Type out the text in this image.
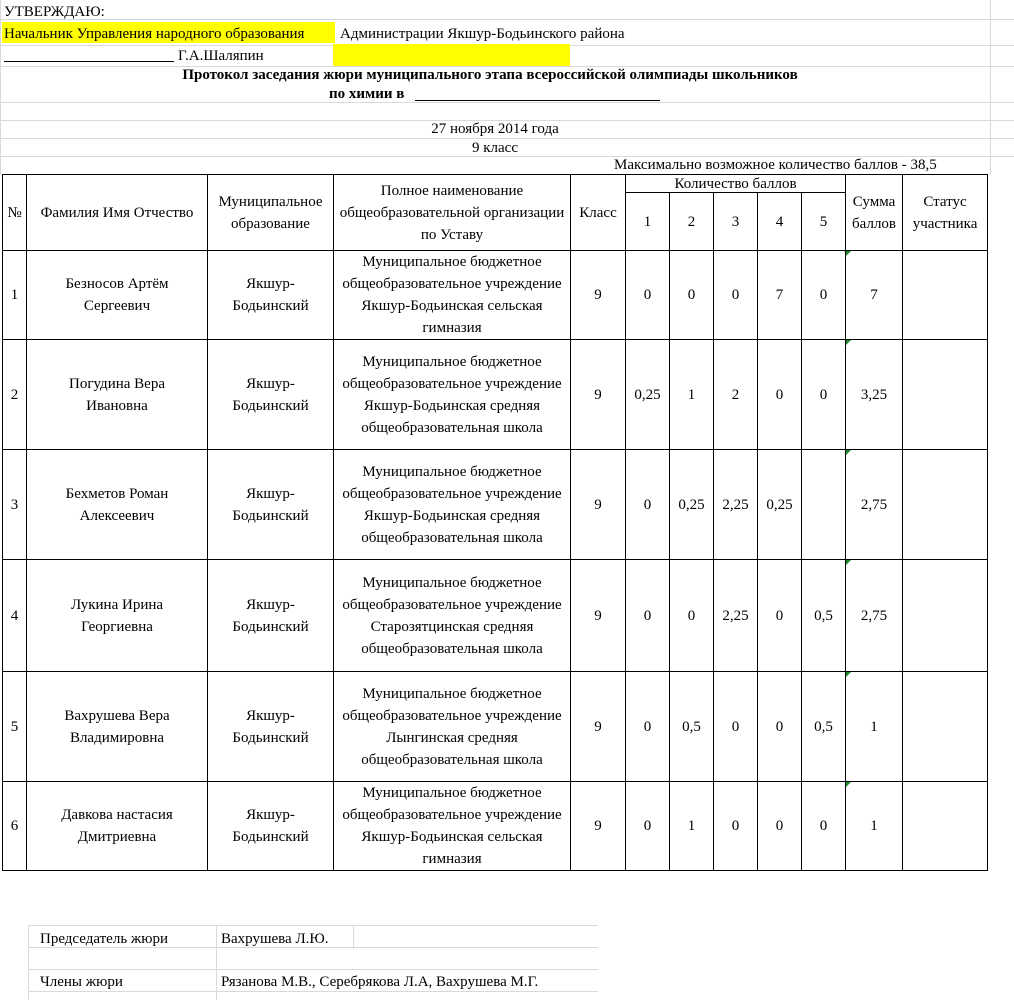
УТВЕРЖДАЮ:
Начальник Управления народного образования Администрации Якшур-Бодьинского района
Г.А.Шаляпин
Протокол заседания жюри муниципального этапа всероссийской олимпиады школьников
по химии в
27 ноября 2014 года
9 класс
Максимально возможное количество баллов - 38,5
№	Фамилия Имя Отчество	Муниципальное образование	Полное наименование общеобразовательной организации по Уставу	Класс	Количество баллов					Сумма баллов	Статус участника
					1	2	3	4	5		
1	Безносов Артём Сергеевич	Якшур-Бодьинский	Муниципальное бюджетное общеобразовательное учреждение Якшур-Бодьинская сельская гимназия	9	0	0	0	7	0	7

2	Погудина Вера Ивановна	Якшур-Бодьинский	Муниципальное бюджетное общеобразовательное учреждение Якшур-Бодьинская средняя общеобразовательная школа	9	0,25	1	2	0	0	3,25

3	Бехметов Роман Алексеевич	Якшур-Бодьинский	Муниципальное бюджетное общеобразовательное учреждение Якшур-Бодьинская средняя общеобразовательная школа	9	0	0,25	2,25	0,25		2,75

4	Лукина Ирина Георгиевна	Якшур-Бодьинский	Муниципальное бюджетное общеобразовательное учреждение Старозятцинская средняя общеобразовательная школа	9	0	0	2,25	0	0,5	2,75

5	Вахрушева Вера Владимировна	Якшур-Бодьинский	Муниципальное бюджетное общеобразовательное учреждение Лынгинская средняя общеобразовательная школа	9	0	0,5	0	0	0,5	1

6	Давкова настасия Дмитриевна	Якшур-Бодьинский	Муниципальное бюджетное общеобразовательное учреждение Якшур-Бодьинская сельская гимназия	9	0	1	0	0	0	1

Председатель жюри	Вахрушева Л.Ю.
Члены жюри	Рязанова М.В., Серебрякова Л.А, Вахрушева М.Г.
